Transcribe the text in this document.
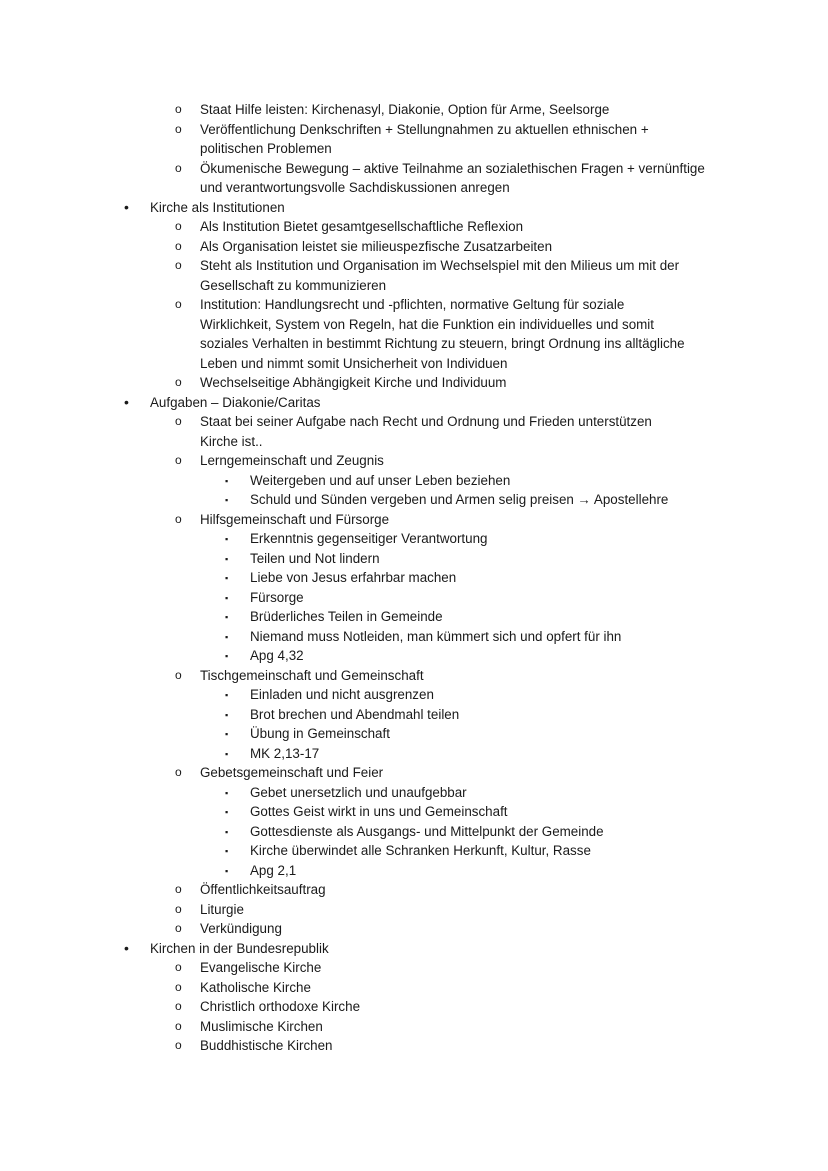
o Staat Hilfe leisten: Kirchenasyl, Diakonie, Option für Arme, Seelsorge
o Veröffentlichung Denkschriften + Stellungnahmen zu aktuellen ethnischen +
politischen Problemen
o Ökumenische Bewegung – aktive Teilnahme an sozialethischen Fragen + vernünftige
und verantwortungsvolle Sachdiskussionen anregen
• Kirche als Institutionen
o Als Institution Bietet gesamtgesellschaftliche Reflexion
o Als Organisation leistet sie milieuspezfische Zusatzarbeiten
o Steht als Institution und Organisation im Wechselspiel mit den Milieus um mit der
Gesellschaft zu kommunizieren
o Institution: Handlungsrecht und -pflichten, normative Geltung für soziale
Wirklichkeit, System von Regeln, hat die Funktion ein individuelles und somit
soziales Verhalten in bestimmt Richtung zu steuern, bringt Ordnung ins alltägliche
Leben und nimmt somit Unsicherheit von Individuen
o Wechselseitige Abhängigkeit Kirche und Individuum
• Aufgaben – Diakonie/Caritas
o Staat bei seiner Aufgabe nach Recht und Ordnung und Frieden unterstützen
Kirche ist..
o Lerngemeinschaft und Zeugnis
▪ Weitergeben und auf unser Leben beziehen
▪ Schuld und Sünden vergeben und Armen selig preisen → Apostellehre
o Hilfsgemeinschaft und Fürsorge
▪ Erkenntnis gegenseitiger Verantwortung
▪ Teilen und Not lindern
▪ Liebe von Jesus erfahrbar machen
▪ Fürsorge
▪ Brüderliches Teilen in Gemeinde
▪ Niemand muss Notleiden, man kümmert sich und opfert für ihn
▪ Apg 4,32
o Tischgemeinschaft und Gemeinschaft
▪ Einladen und nicht ausgrenzen
▪ Brot brechen und Abendmahl teilen
▪ Übung in Gemeinschaft
▪ MK 2,13-17
o Gebetsgemeinschaft und Feier
▪ Gebet unersetzlich und unaufgebbar
▪ Gottes Geist wirkt in uns und Gemeinschaft
▪ Gottesdienste als Ausgangs- und Mittelpunkt der Gemeinde
▪ Kirche überwindet alle Schranken Herkunft, Kultur, Rasse
▪ Apg 2,1
o Öffentlichkeitsauftrag
o Liturgie
o Verkündigung
• Kirchen in der Bundesrepublik
o Evangelische Kirche
o Katholische Kirche
o Christlich orthodoxe Kirche
o Muslimische Kirchen
o Buddhistische Kirchen
